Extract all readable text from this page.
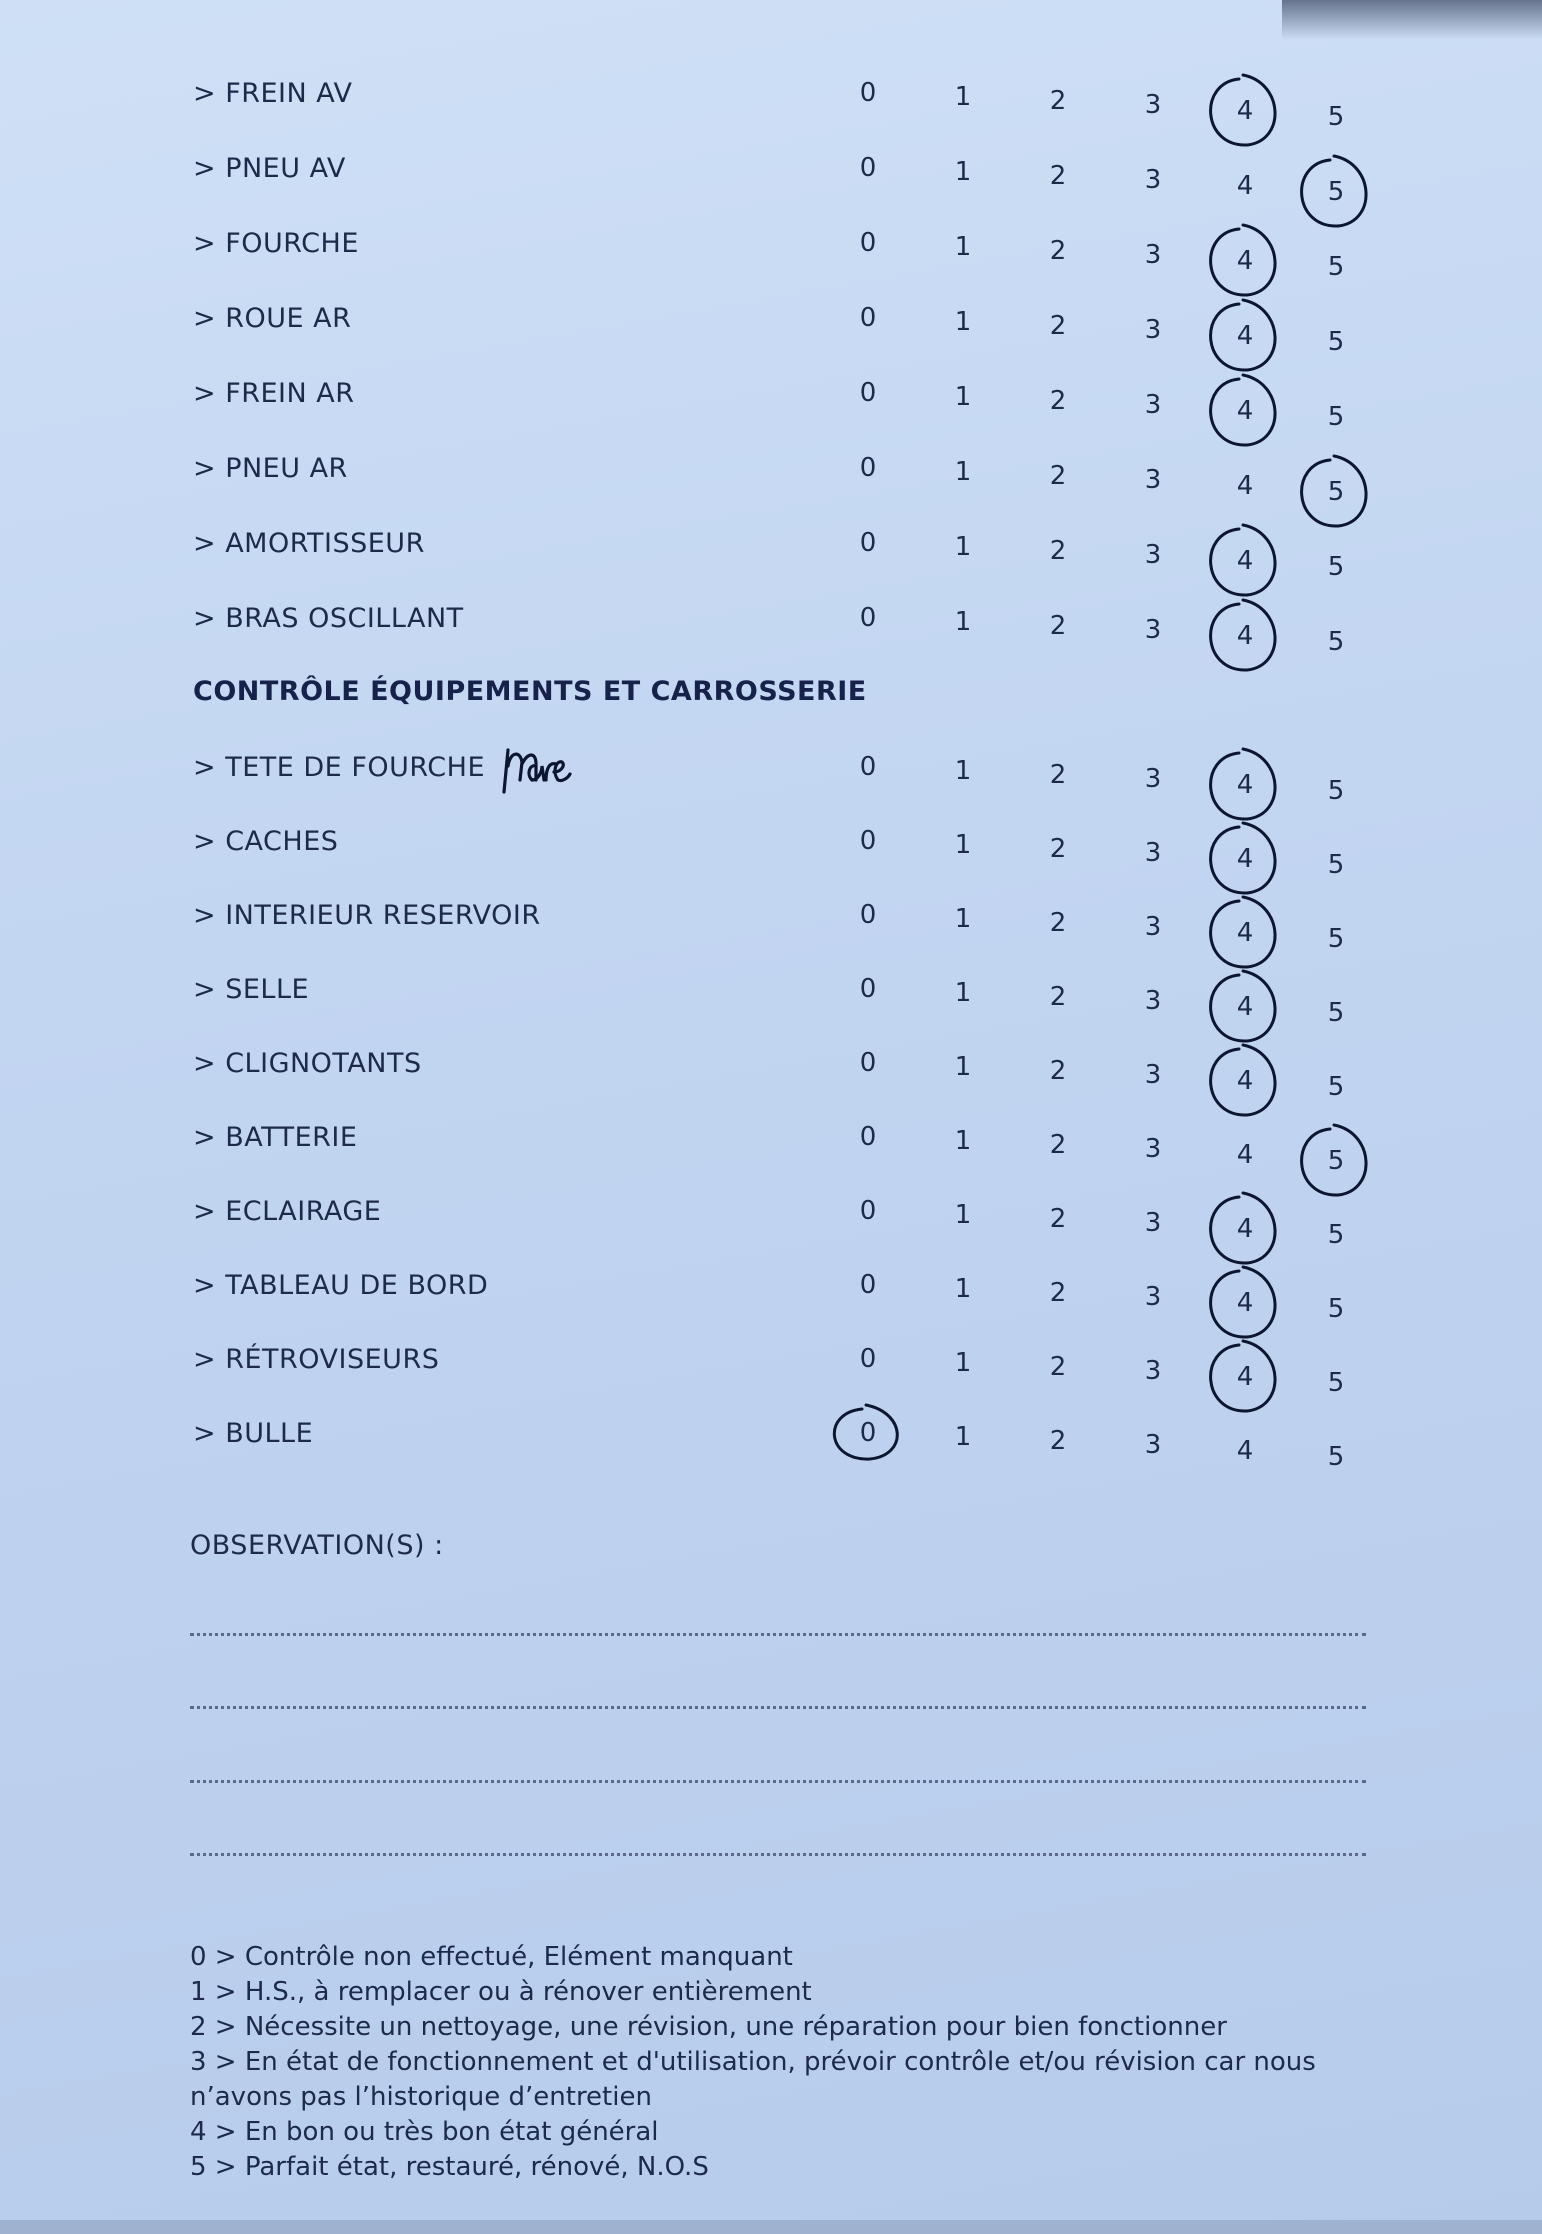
> FREIN AV	0	1	2	3	4	5
> PNEU AV	0	1	2	3	4	5
> FOURCHE	0	1	2	3	4	5
> ROUE AR	0	1	2	3	4	5
> FREIN AR	0	1	2	3	4	5
> PNEU AR	0	1	2	3	4	5
> AMORTISSEUR	0	1	2	3	4	5
> BRAS OSCILLANT	0	1	2	3	4	5
CONTRÔLE ÉQUIPEMENTS ET CARROSSERIE
phare
> TETE DE FOURCHE	0	1	2	3	4	5
> CACHES	0	1	2	3	4	5
> INTERIEUR RESERVOIR	0	1	2	3	4	5
> SELLE	0	1	2	3	4	5
> CLIGNOTANTS	0	1	2	3	4	5
> BATTERIE	0	1	2	3	4	5
> ECLAIRAGE	0	1	2	3	4	5
> TABLEAU DE BORD	0	1	2	3	4	5
> RÉTROVISEURS	0	1	2	3	4	5
> BULLE	0	1	2	3	4	5
OBSERVATION(S) :
0 > Contrôle non effectué, Elément manquant
1 > H.S., à remplacer ou à rénover entièrement
2 > Nécessite un nettoyage, une révision, une réparation pour bien fonctionner
3 > En état de fonctionnement et d'utilisation, prévoir contrôle et/ou révision car nous
n’avons pas l’historique d’entretien
4 > En bon ou très bon état général
5 > Parfait état, restauré, rénové, N.O.S
